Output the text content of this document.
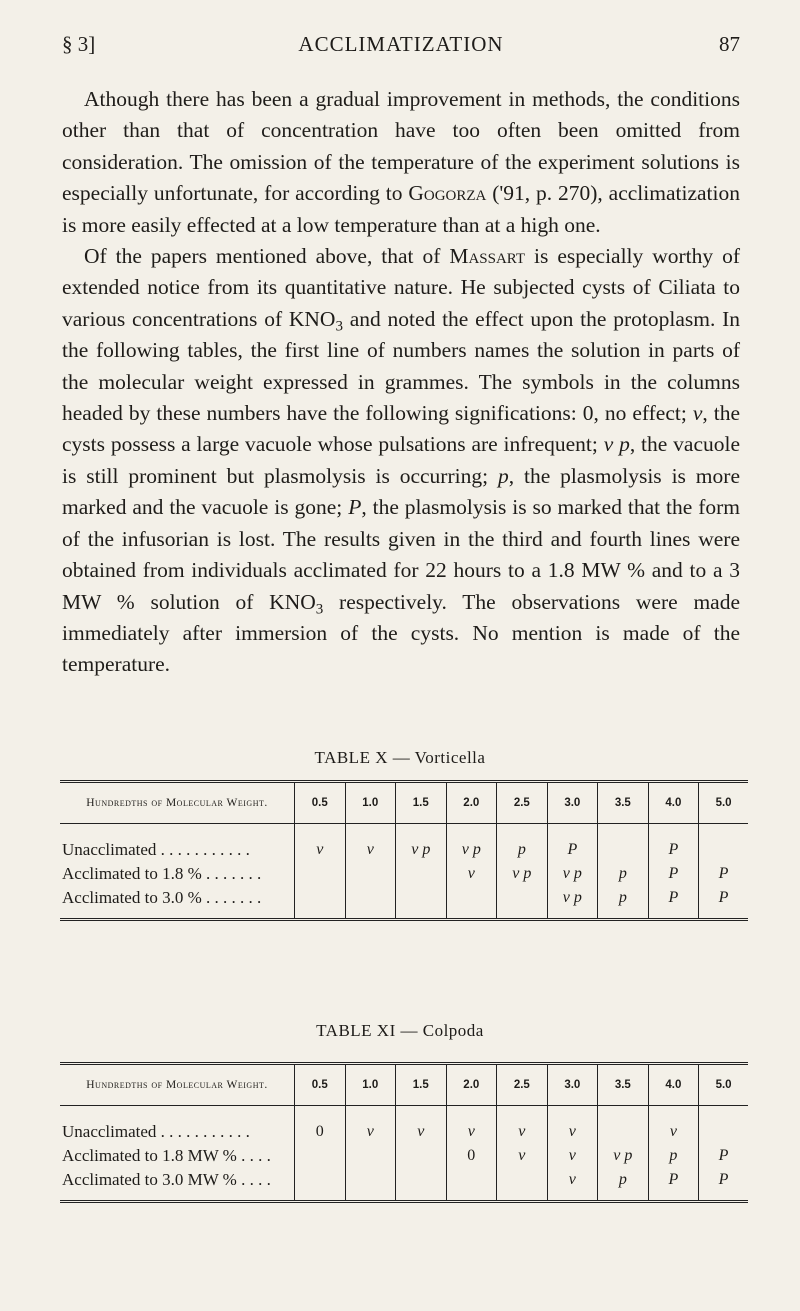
§ 3]	ACCLIMATIZATION	87

Athough there has been a gradual improvement in methods, the conditions other than that of concentration have too often been omitted from consideration. The omission of the temperature of the experiment solutions is especially unfortunate, for according to Gogorza ('91, p. 270), acclimatization is more easily effected at a low temperature than at a high one.

Of the papers mentioned above, that of Massart is especially worthy of extended notice from its quantitative nature. He subjected cysts of Ciliata to various concentrations of $KNO_3$ and noted the effect upon the protoplasm. In the following tables, the first line of numbers names the solution in parts of the molecular weight expressed in grammes. The symbols in the columns headed by these numbers have the following significations: 0, no effect; v, the cysts possess a large vacuole whose pulsations are infrequent; v p, the vacuole is still prominent but plasmolysis is occurring; p, the plasmolysis is more marked and the vacuole is gone; P, the plasmolysis is so marked that the form of the infusorian is lost. The results given in the third and fourth lines were obtained from individuals acclimated for 22 hours to a 1.8 MW % and to a 3 MW % solution of $KNO_3$ respectively. The observations were made immediately after immersion of the cysts. No mention is made of the temperature.

TABLE X — Vorticella
Hundredths of Molecular Weight.	0.5	1.0	1.5	2.0	2.5	3.0	3.5	4.0	5.0
Unacclimated . . . . . . . . . . .	v	v	v p	v p	p	P		P	
Acclimated to 1.8 % . . . . . . .				v	v p	v p	p	P	P
Acclimated to 3.0 % . . . . . . .						v p	p	P	P
TABLE XI — Colpoda
Hundredths of Molecular Weight.	0.5	1.0	1.5	2.0	2.5	3.0	3.5	4.0	5.0
Unacclimated . . . . . . . . . . .	0	v	v	v	v	v		v	
Acclimated to 1.8 MW % . . . .				0	v	v	v p	p	P
Acclimated to 3.0 MW % . . . .						v	p	P	P
